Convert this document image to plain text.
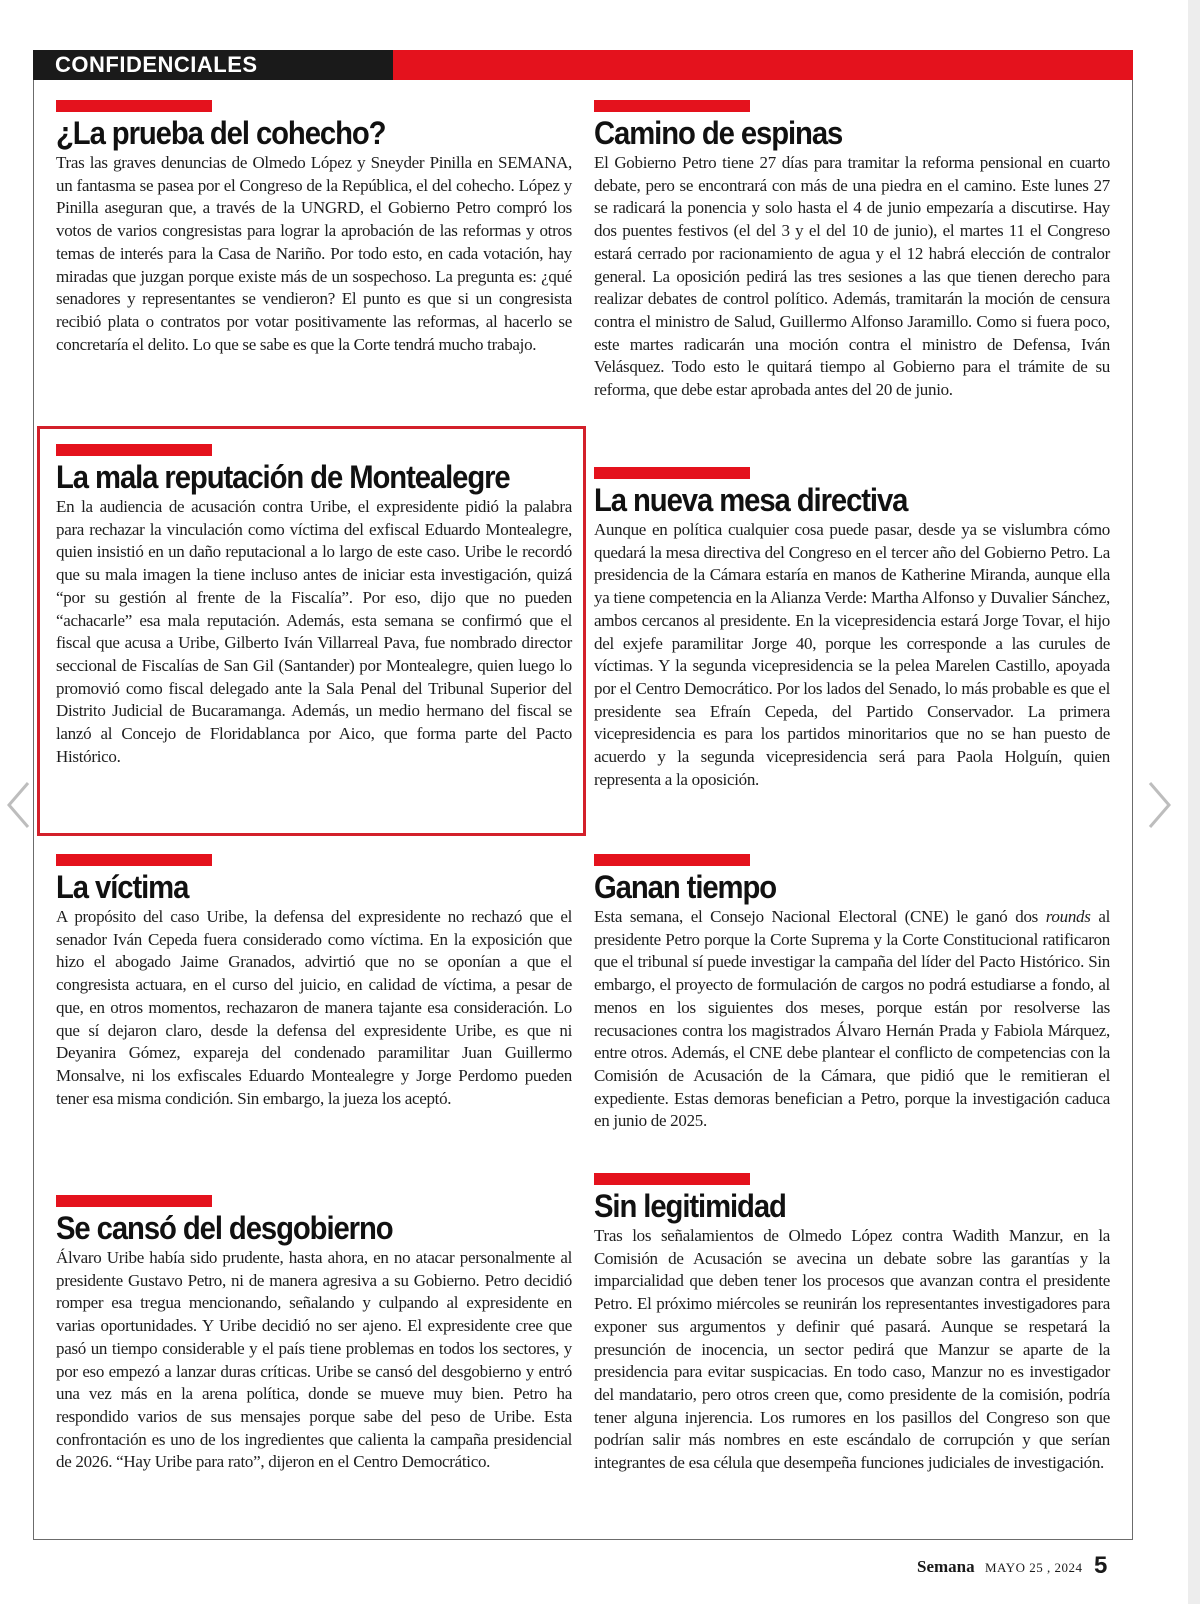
CONFIDENCIALES
¿La prueba del cohecho?

Tras las graves denuncias de Olmedo López y Sneyder Pinilla en SEMANA, un fantasma se pasea por el Congreso de la República, el del cohecho. López y Pinilla aseguran que, a través de la UNGRD, el Gobierno Petro compró los votos de varios congresistas para lograr la aprobación de las reformas y otros temas de interés para la Casa de Nariño. Por todo esto, en cada votación, hay miradas que juzgan porque existe más de un sospechoso. La pregunta es: ¿qué senadores y representantes se vendieron? El punto es que si un congresista recibió plata o contratos por votar positivamente las reformas, al hacerlo se concretaría el delito. Lo que se sabe es que la Corte tendrá mucho trabajo.

La mala reputación de Montealegre

En la audiencia de acusación contra Uribe, el expresidente pidió la palabra para rechazar la vinculación como víctima del exfiscal Eduardo Montealegre, quien insistió en un daño reputacional a lo largo de este caso. Uribe le recordó que su mala imagen la tiene incluso antes de iniciar esta investigación, quizá “por su gestión al frente de la Fiscalía”. Por eso, dijo que no pueden “achacarle” esa mala reputación. Además, esta semana se confirmó que el fiscal que acusa a Uribe, Gilberto Iván Villarreal Pava, fue nombrado director seccional de Fiscalías de San Gil (Santander) por Montealegre, quien luego lo promovió como fiscal delegado ante la Sala Penal del Tribunal Superior del Distrito Judicial de Bucaramanga. Además, un medio hermano del fiscal se lanzó al Concejo de Floridablanca por Aico, que forma parte del Pacto Histórico.

La víctima

A propósito del caso Uribe, la defensa del expresidente no rechazó que el senador Iván Cepeda fuera considerado como víctima. En la exposición que hizo el abogado Jaime Granados, advirtió que no se oponían a que el congresista actuara, en el curso del juicio, en calidad de víctima, a pesar de que, en otros momentos, rechazaron de manera tajante esa consideración. Lo que sí dejaron claro, desde la defensa del expresidente Uribe, es que ni Deyanira Gómez, expareja del condenado paramilitar Juan Guillermo Monsalve, ni los exfiscales Eduardo Montealegre y Jorge Perdomo pueden tener esa misma condición. Sin embargo, la jueza los aceptó.

Se cansó del desgobierno

Álvaro Uribe había sido prudente, hasta ahora, en no atacar personalmente al presidente Gustavo Petro, ni de manera agresiva a su Gobierno. Petro decidió romper esa tregua mencionando, señalando y culpando al expresidente en varias oportunidades. Y Uribe decidió no ser ajeno. El expresidente cree que pasó un tiempo considerable y el país tiene problemas en todos los sectores, y por eso empezó a lanzar duras críticas. Uribe se cansó del desgobierno y entró una vez más en la arena política, donde se mueve muy bien. Petro ha respondido varios de sus mensajes porque sabe del peso de Uribe. Esta confrontación es uno de los ingredientes que calienta la campaña presidencial de 2026. “Hay Uribe para rato”, dijeron en el Centro Democrático.

Camino de espinas

El Gobierno Petro tiene 27 días para tramitar la reforma pensional en cuarto debate, pero se encontrará con más de una piedra en el camino. Este lunes 27 se radicará la ponencia y solo hasta el 4 de junio empezaría a discutirse. Hay dos puentes festivos (el del 3 y el del 10 de junio), el martes 11 el Congreso estará cerrado por racionamiento de agua y el 12 habrá elección de contralor general. La oposición pedirá las tres sesiones a las que tienen derecho para realizar debates de control político. Además, tramitarán la moción de censura contra el ministro de Salud, Guillermo Alfonso Jaramillo. Como si fuera poco, este martes radicarán una moción contra el ministro de Defensa, Iván Velásquez. Todo esto le quitará tiempo al Gobierno para el trámite de su reforma, que debe estar aprobada antes del 20 de junio.

La nueva mesa directiva

Aunque en política cualquier cosa puede pasar, desde ya se vislumbra cómo quedará la mesa directiva del Congreso en el tercer año del Gobierno Petro. La presidencia de la Cámara estaría en manos de Katherine Miranda, aunque ella ya tiene competencia en la Alianza Verde: Martha Alfonso y Duvalier Sánchez, ambos cercanos al presidente. En la vicepresidencia estará Jorge Tovar, el hijo del exjefe paramilitar Jorge 40, porque les corresponde a las curules de víctimas. Y la segunda vicepresidencia se la pelea Marelen Castillo, apoyada por el Centro Democrático. Por los lados del Senado, lo más probable es que el presidente sea Efraín Cepeda, del Partido Conservador. La primera vicepresidencia es para los partidos minoritarios que no se han puesto de acuerdo y la segunda vicepresidencia será para Paola Holguín, quien representa a la oposición.

Ganan tiempo

Esta semana, el Consejo Nacional Electoral (CNE) le ganó dos rounds al presidente Petro porque la Corte Suprema y la Corte Constitucional ratificaron que el tribunal sí puede investigar la campaña del líder del Pacto Histórico. Sin embargo, el proyecto de formulación de cargos no podrá estudiarse a fondo, al menos en los siguientes dos meses, porque están por resolverse las recusaciones contra los magistrados Álvaro Hernán Prada y Fabiola Márquez, entre otros. Además, el CNE debe plantear el conflicto de competencias con la Comisión de Acusación de la Cámara, que pidió que le remitieran el expediente. Estas demoras benefician a Petro, porque la investigación caduca en junio de 2025.

Sin legitimidad

Tras los señalamientos de Olmedo López contra Wadith Manzur, en la Comisión de Acusación se avecina un debate sobre las garantías y la imparcialidad que deben tener los procesos que avanzan contra el presidente Petro. El próximo miércoles se reunirán los representantes investigadores para exponer sus argumentos y definir qué pasará. Aunque se respetará la presunción de inocencia, un sector pedirá que Manzur se aparte de la presidencia para evitar suspicacias. En todo caso, Manzur no es investigador del mandatario, pero otros creen que, como presidente de la comisión, podría tener alguna injerencia. Los rumores en los pasillos del Congreso son que podrían salir más nombres en este escándalo de corrupción y que serían integrantes de esa célula que desempeña funciones judiciales de investigación.

Semana MAYO 25 , 2024 5
